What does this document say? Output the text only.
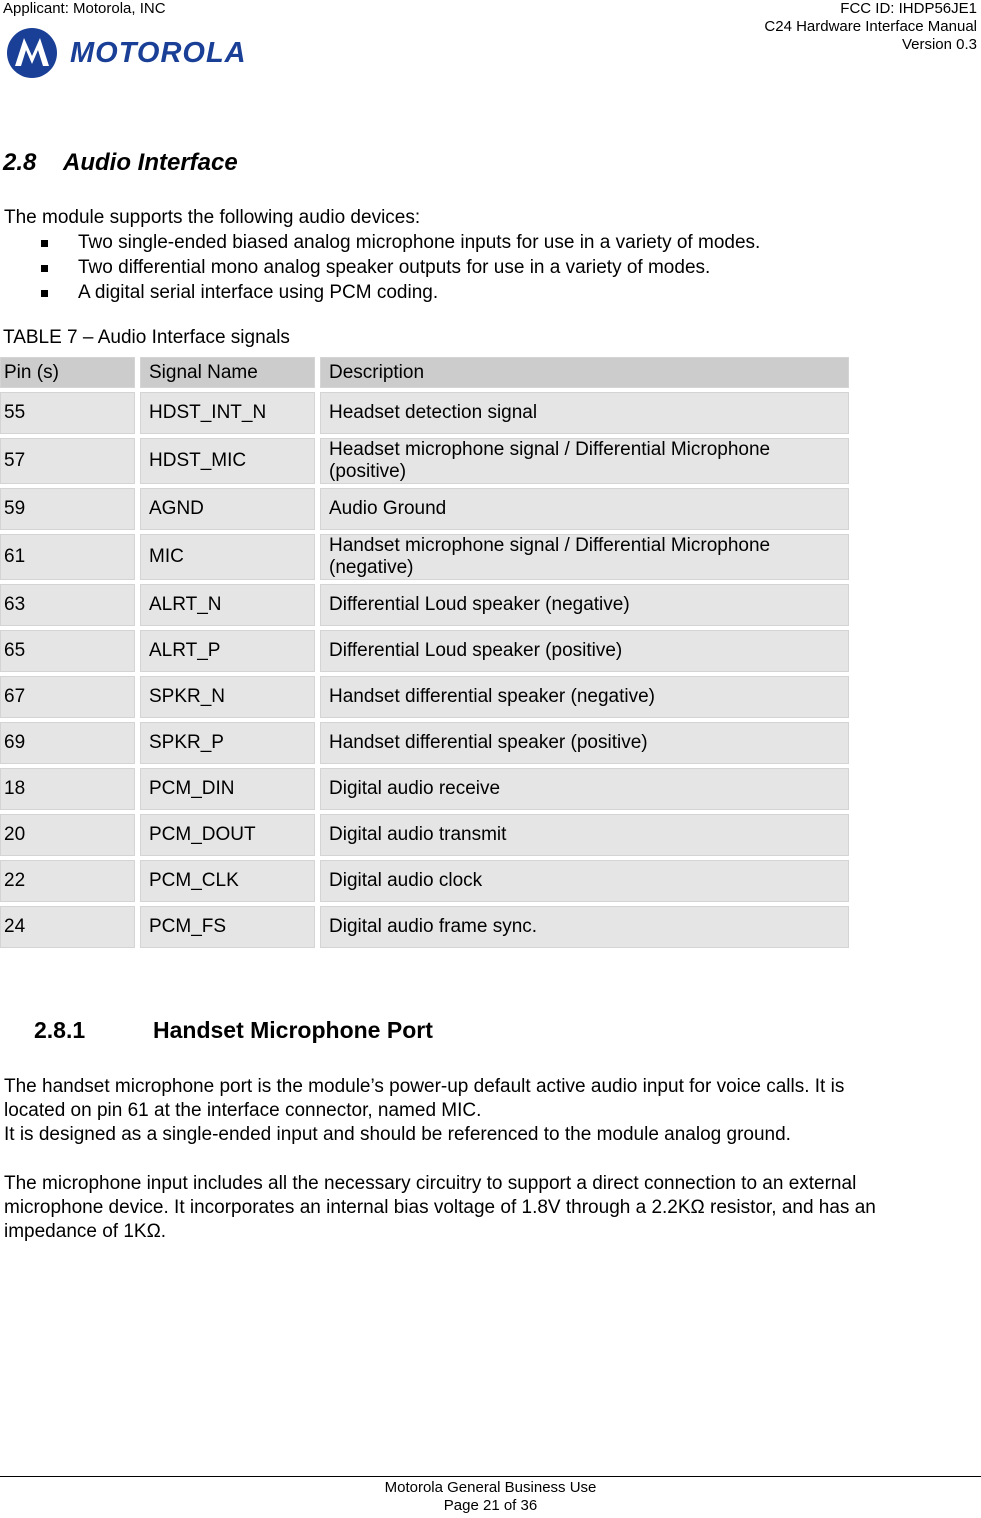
Applicant: Motorola, INC	FCC ID: IHDP56JE1
C24 Hardware Interface Manual
Version 0.3
MOTOROLA
2.8 Audio Interface

The module supports the following audio devices:

Two single-ended biased analog microphone inputs for use in a variety of modes.
Two differential mono analog speaker outputs for use in a variety of modes.
A digital serial interface using PCM coding.
TABLE 7 – Audio Interface signals
Pin (s)	Signal Name	Description
55	HDST_INT_N	Headset detection signal
57	HDST_MIC	Headset microphone signal / Differential Microphone (positive)
59	AGND	Audio Ground
61	MIC	Handset microphone signal / Differential Microphone (negative)
63	ALRT_N	Differential Loud speaker (negative)
65	ALRT_P	Differential Loud speaker (positive)
67	SPKR_N	Handset differential speaker (negative)
69	SPKR_P	Handset differential speaker (positive)
18	PCM_DIN	Digital audio receive
20	PCM_DOUT	Digital audio transmit
22	PCM_CLK	Digital audio clock
24	PCM_FS	Digital audio frame sync.
2.8.1	Handset Microphone Port
The handset microphone port is the module’s power-up default active audio input for voice calls. It is
located on pin 61 at the interface connector, named MIC.
It is designed as a single-ended input and should be referenced to the module analog ground.
The microphone input includes all the necessary circuitry to support a direct connection to an external
microphone device. It incorporates an internal bias voltage of 1.8V through a 2.2KΩ resistor, and has an
impedance of 1KΩ.
Motorola General Business Use
Page 21 of 36
